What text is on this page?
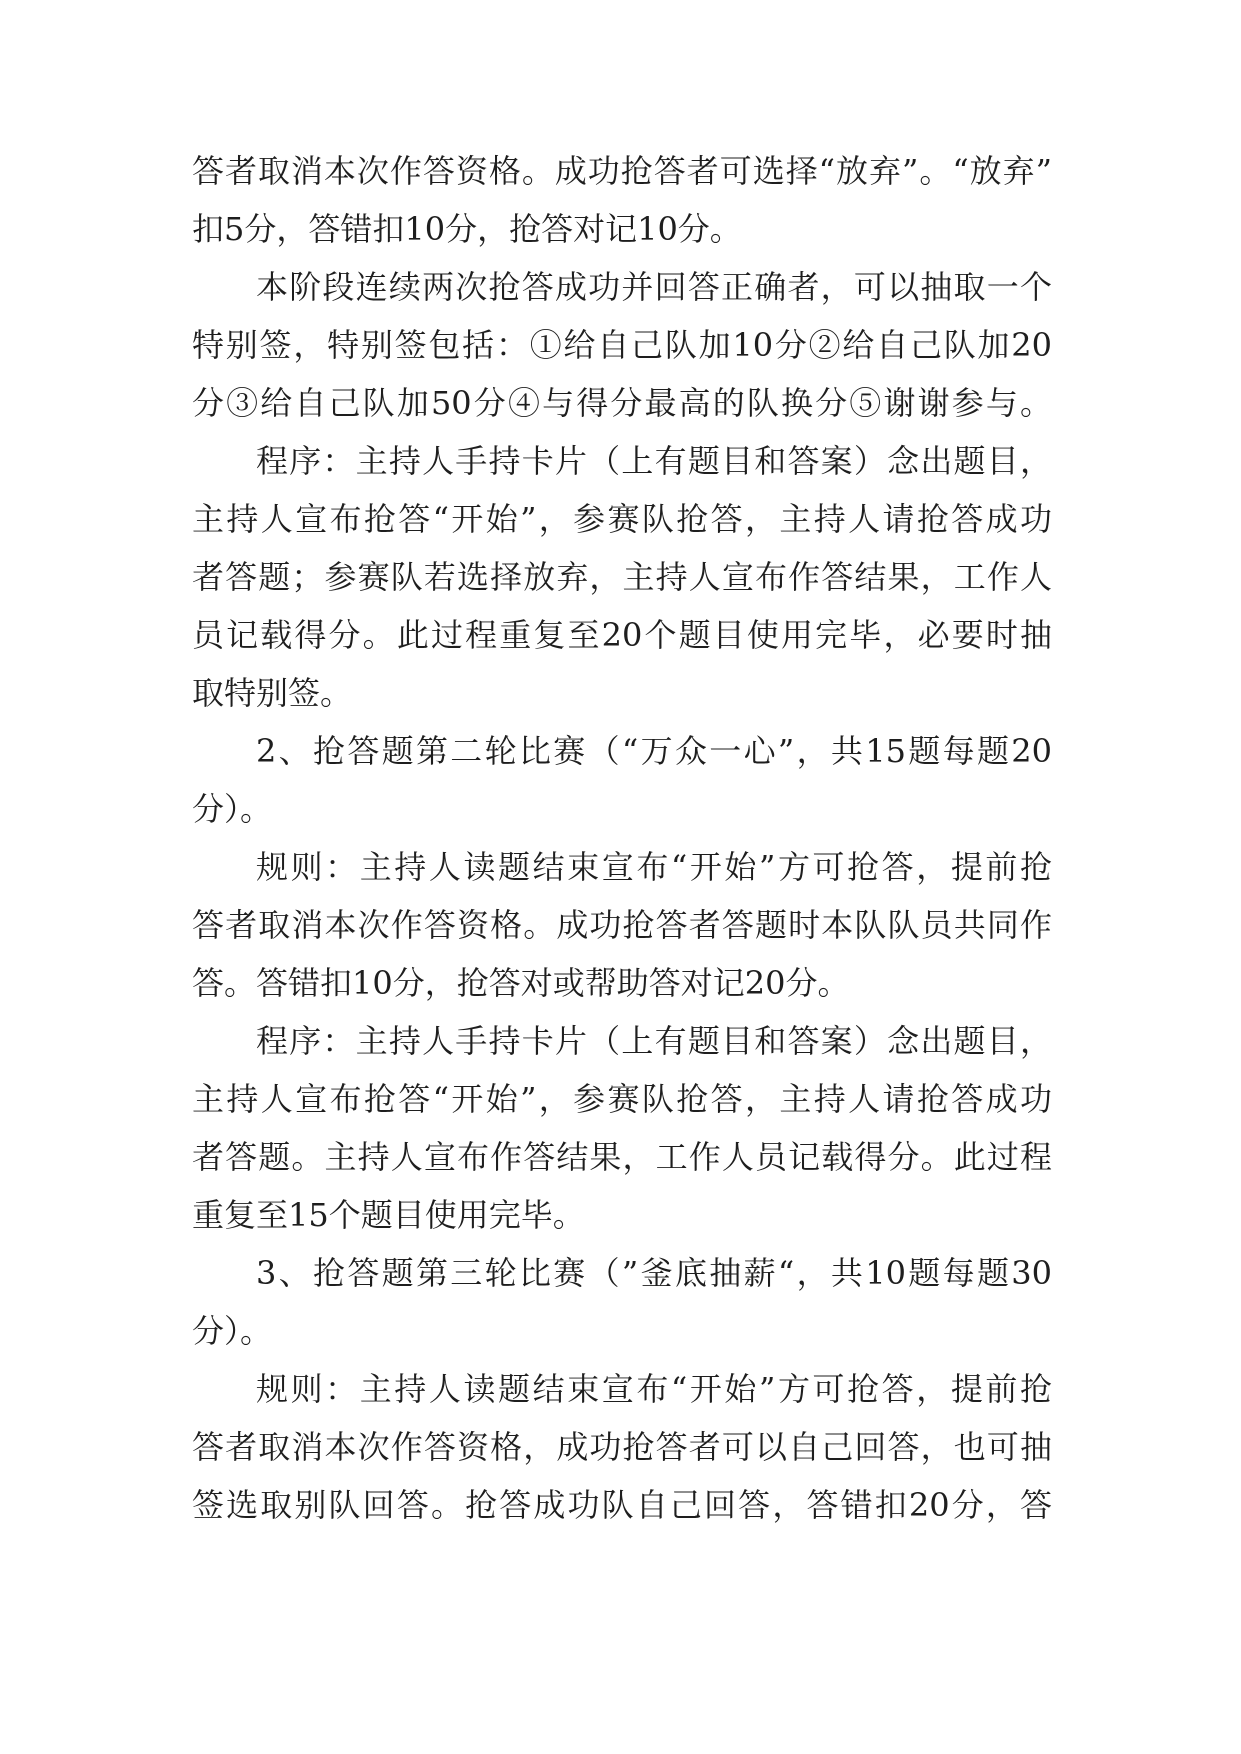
答者取消本次作答资格。成功抢答者可选择“放弃”。“放弃”
扣5分，答错扣10分，抢答对记10分。
本阶段连续两次抢答成功并回答正确者，可以抽取一个
特别签，特别签包括：①给自己队加10分②给自己队加20
分③给自己队加50分④与得分最高的队换分⑤谢谢参与。
程序：主持人手持卡片（上有题目和答案）念出题目，
主持人宣布抢答“开始”，参赛队抢答，主持人请抢答成功
者答题；参赛队若选择放弃，主持人宣布作答结果，工作人
员记载得分。此过程重复至20个题目使用完毕，必要时抽
取特别签。
2、抢答题第二轮比赛（“万众一心”，共15题每题20
分）。
规则：主持人读题结束宣布“开始”方可抢答，提前抢
答者取消本次作答资格。成功抢答者答题时本队队员共同作
答。答错扣10分，抢答对或帮助答对记20分。
程序：主持人手持卡片（上有题目和答案）念出题目，
主持人宣布抢答“开始”，参赛队抢答，主持人请抢答成功
者答题。主持人宣布作答结果，工作人员记载得分。此过程
重复至15个题目使用完毕。
3、抢答题第三轮比赛（”釜底抽薪“，共10题每题30
分）。
规则：主持人读题结束宣布“开始”方可抢答，提前抢
答者取消本次作答资格，成功抢答者可以自己回答，也可抽
签选取别队回答。抢答成功队自己回答，答错扣20分，答
